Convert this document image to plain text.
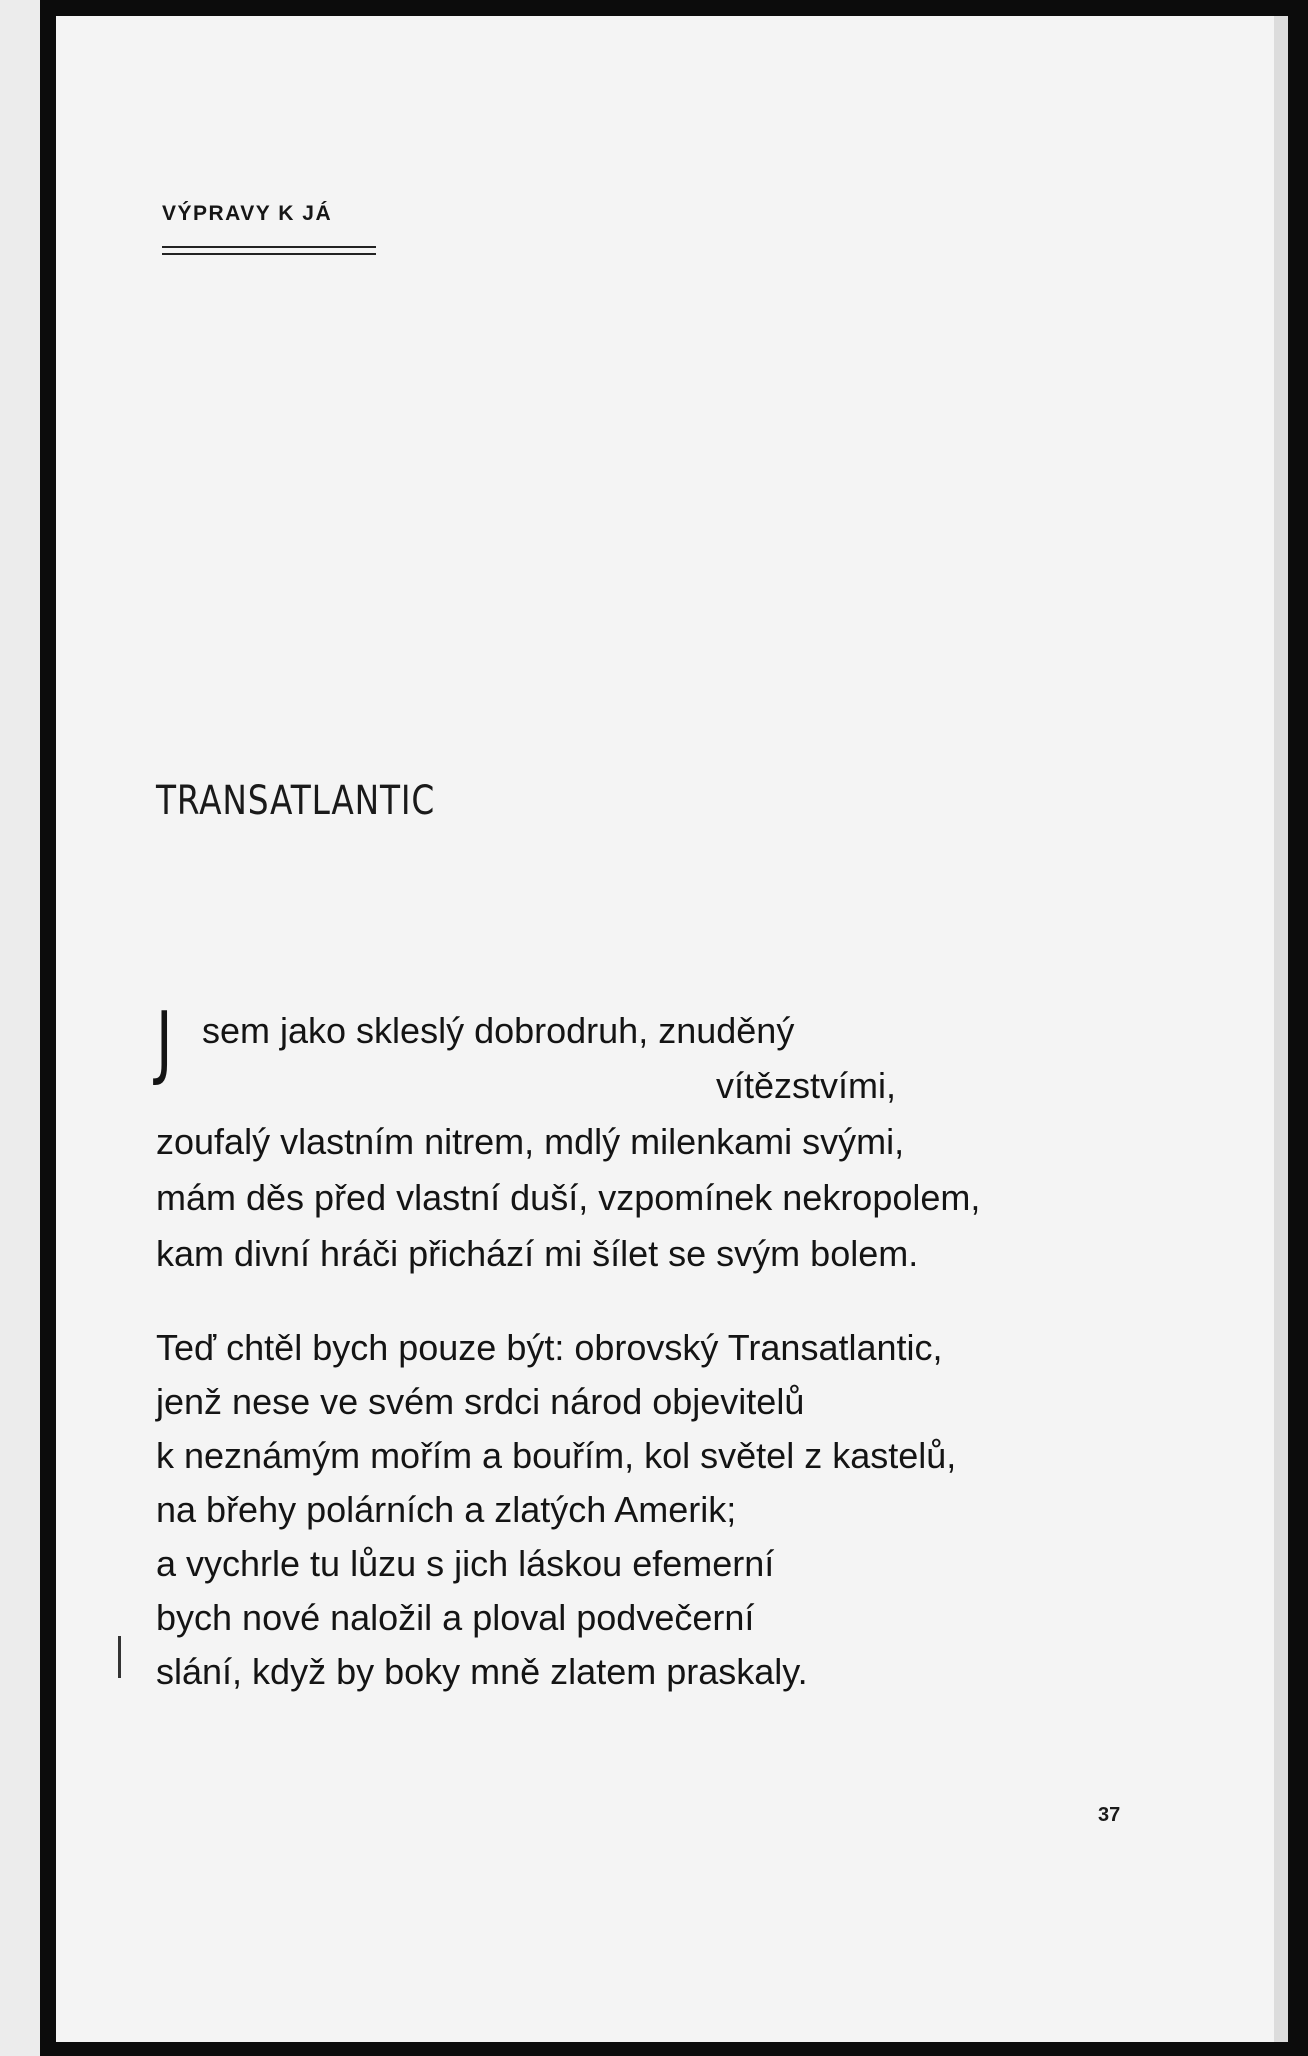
VÝPRAVY K JÁ
TRANSATLANTIC
J sem jako skleslý dobrodruh, znuděný
vítězstvími,
zoufalý vlastním nitrem, mdlý milenkami svými,
mám děs před vlastní duší, vzpomínek nekropolem,
kam divní hráči přichází mi šílet se svým bolem.
Teď chtěl bych pouze být: obrovský Transatlantic,
jenž nese ve svém srdci národ objevitelů
k neznámým mořím a bouřím, kol světel z kastelů,
na břehy polárních a zlatých Amerik;
a vychrle tu lůzu s jich láskou efemerní
bych nové naložil a ploval podvečerní
slání, když by boky mně zlatem praskaly.
37
